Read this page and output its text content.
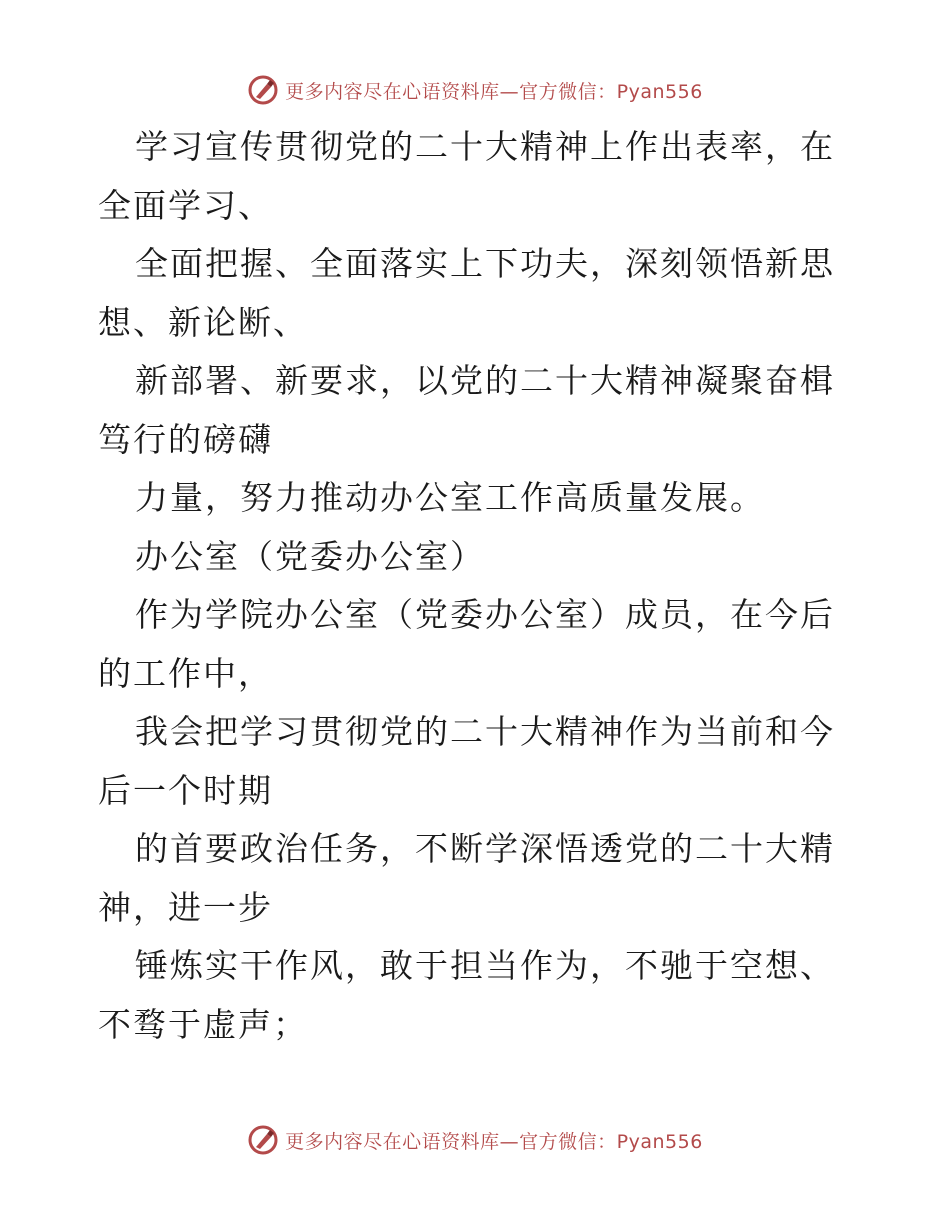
更多内容尽在心语资料库—官方微信：Pyan556

学习宣传贯彻党的二十大精神上作出表率，在全面学习、

全面把握、全面落实上下功夫，深刻领悟新思想、新论断、

新部署、新要求，以党的二十大精神凝聚奋楫笃行的磅礴

力量，努力推动办公室工作高质量发展。

办公室（党委办公室）

作为学院办公室（党委办公室）成员，在今后的工作中，

我会把学习贯彻党的二十大精神作为当前和今后一个时期

的首要政治任务，不断学深悟透党的二十大精神，进一步

锤炼实干作风，敢于担当作为，不驰于空想、不骛于虚声；

更多内容尽在心语资料库—官方微信：Pyan556
